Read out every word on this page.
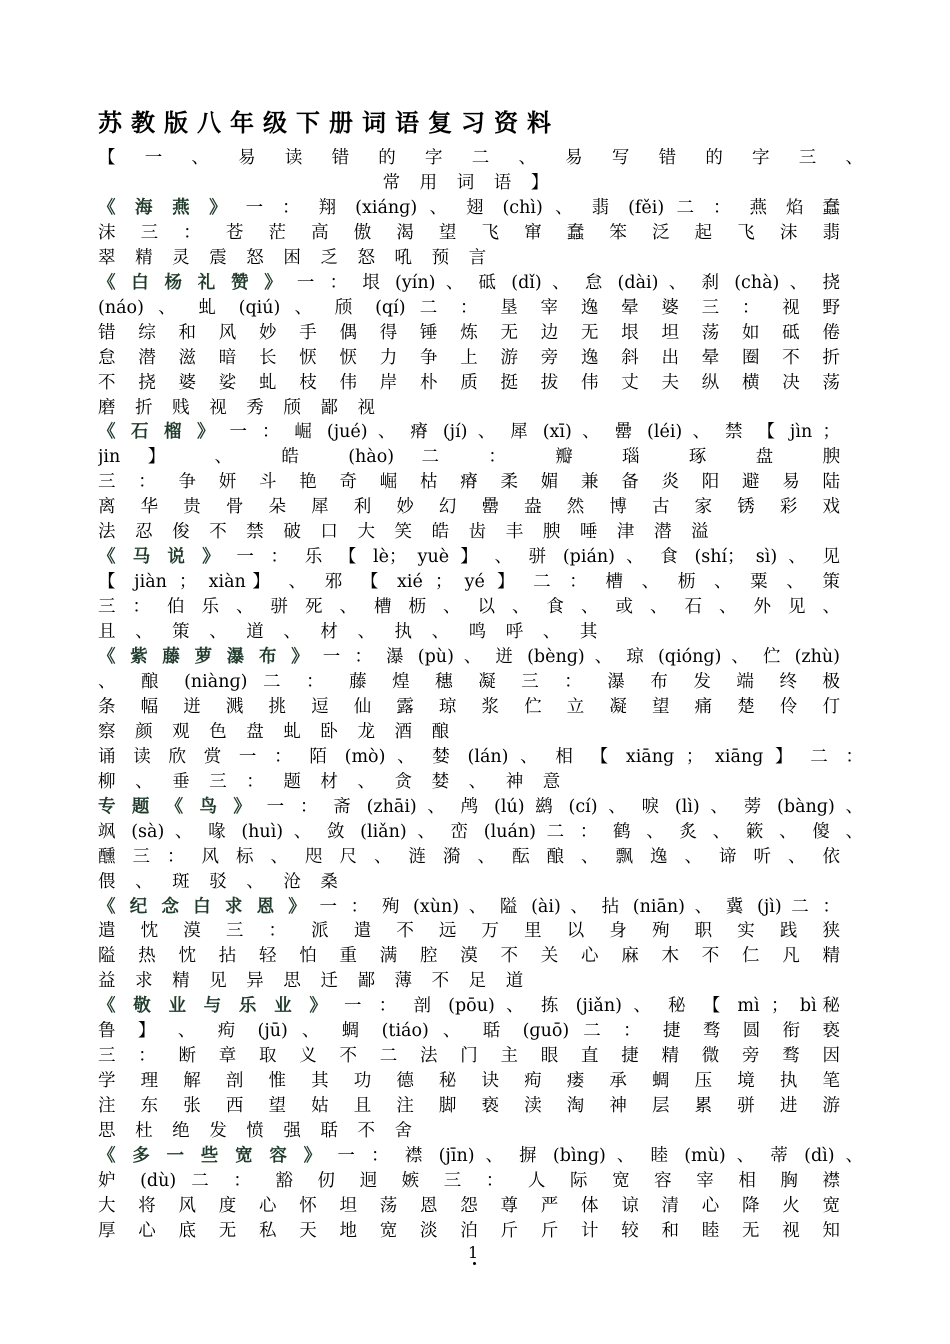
苏教版八年级下册词语复习资料
【 一 、 易 读 错 的 字 二 、 易 写 错 的 字 三 、
常 用 词 语 】
《 海 燕 》 一 ： 翔 (xiánɡ) 、 翅 (chì) 、 翡 (fěi) 二 ： 燕 焰 蠢
沫 三 ： 苍 茫 高 傲 渴 望 飞 窜 蠢 笨 泛 起 飞 沫 翡
翠 精 灵 震 怒 困 乏 怒 吼 预 言
《 白 杨 礼 赞 》 一 ： 垠 (yín) 、 砥 (dǐ) 、 怠 (dài) 、 刹 (chà) 、 挠
(náo) 、 虬 (qiú) 、 颀 (qí) 二 ： 垦 宰 逸 晕 婆 三 ： 视 野
错 综 和 风 妙 手 偶 得 锤 炼 无 边 无 垠 坦 荡 如 砥 倦
怠 潜 滋 暗 长 恹 恹 力 争 上 游 旁 逸 斜 出 晕 圈 不 折
不 挠 婆 娑 虬 枝 伟 岸 朴 质 挺 拔 伟 丈 夫 纵 横 决 荡
磨 折 贱 视 秀 颀 鄙 视
《 石 榴 》 一 ： 崛 (jué) 、 瘠 (jí) 、 犀 (xī) 、 罍 (léi) 、 禁 【 jìn ；
jin 】 、 皓 (hào) 二 ： 瓣 瑙 琢 盘 腴
三 ： 争 妍 斗 艳 奇 崛 枯 瘠 柔 媚 兼 备 炎 阳 避 易 陆
离 华 贵 骨 朵 犀 利 妙 幻 罍 盎 然 博 古 家 锈 彩 戏
法 忍 俊 不 禁 破 口 大 笑 皓 齿 丰 腴 唾 津 潜 溢
《 马 说 》 一 ： 乐 【 lè； yuè 】 、 骈 (pián) 、 食 (shí； sì) 、 见
【 jiàn ； xiàn】 、 邪 【 xié ； yé 】 二 ： 槽 、 枥 、 粟 、 策
三 ： 伯 乐 、 骈 死 、 槽 枥 、 以 、 食 、 或 、 石 、 外 见 、
且 、 策 、 道 、 材 、 执 、 鸣 呼 、 其
《 紫 藤 萝 瀑 布 》 一 ： 瀑 (pù) 、 迸 (bènɡ) 、 琼 (qiónɡ) 、 伫 (zhù)
、 酿 (niànɡ) 二 ： 藤 煌 穗 凝 三 ： 瀑 布 发 端 终 极
条 幅 迸 溅 挑 逗 仙 露 琼 浆 伫 立 凝 望 痛 楚 伶 仃
察 颜 观 色 盘 虬 卧 龙 酒 酿
诵 读 欣 赏 一 ： 陌 (mò) 、 婪 (lán) 、 相 【 xiānɡ ； xiānɡ 】 二 ：
柳 、 垂 三 ： 题 材 、 贪 婪 、 神 意
专 题 《 鸟 》 一 ： 斋 (zhāi) 、 鸬 (lú) 鹚 (cí) 、 唳 (lì) 、 蒡 (bànɡ) 、
飒 (sà) 、 喙 (huì) 、 敛 (liǎn) 、 峦 (luán) 二 ： 鹤 、 炙 、 簌 、 傻 、
醺 三 ： 风 标 、 咫 尺 、 涟 漪 、 酝 酿 、 飘 逸 、 谛 听 、 依
偎 、 斑 驳 、 沧 桑
《 纪 念 白 求 恩 》 一 ： 殉 (xùn) 、 隘 (ài) 、 拈 (niān) 、 冀 (jì) 二 ：
遣 忱 漠 三 ： 派 遣 不 远 万 里 以 身 殉 职 实 践 狭
隘 热 忱 拈 轻 怕 重 满 腔 漠 不 关 心 麻 木 不 仁 凡 精
益 求 精 见 异 思 迁 鄙 薄 不 足 道
《 敬 业 与 乐 业 》 一 ： 剖 (pōu) 、 拣 (jiǎn) 、 秘 【 mì ； bì秘
鲁 】 、 痀 (jū) 、 蜩 (tiáo) 、 聒 (ɡuō) 二 ： 捷 骛 圆 衔 亵
三 ： 断 章 取 义 不 二 法 门 主 眼 直 捷 精 微 旁 骛 因
学 理 解 剖 惟 其 功 德 秘 诀 痀 瘘 承 蜩 压 境 执 笔
注 东 张 西 望 姑 且 注 脚 亵 渎 淘 神 层 累 骈 进 游
思 杜 绝 发 愤 强 聒 不 舍
《 多 一 些 宽 容 》 一 ： 襟 (jīn) 、 摒 (bìnɡ) 、 睦 (mù) 、 蒂 (dì) 、
妒 (dù) 二 ： 豁 仞 迥 嫉 三 ： 人 际 宽 容 宰 相 胸 襟
大 将 风 度 心 怀 坦 荡 恩 怨 尊 严 体 谅 清 心 降 火 宽
厚 心 底 无 私 天 地 宽 淡 泊 斤 斤 计 较 和 睦 无 视 知
1
